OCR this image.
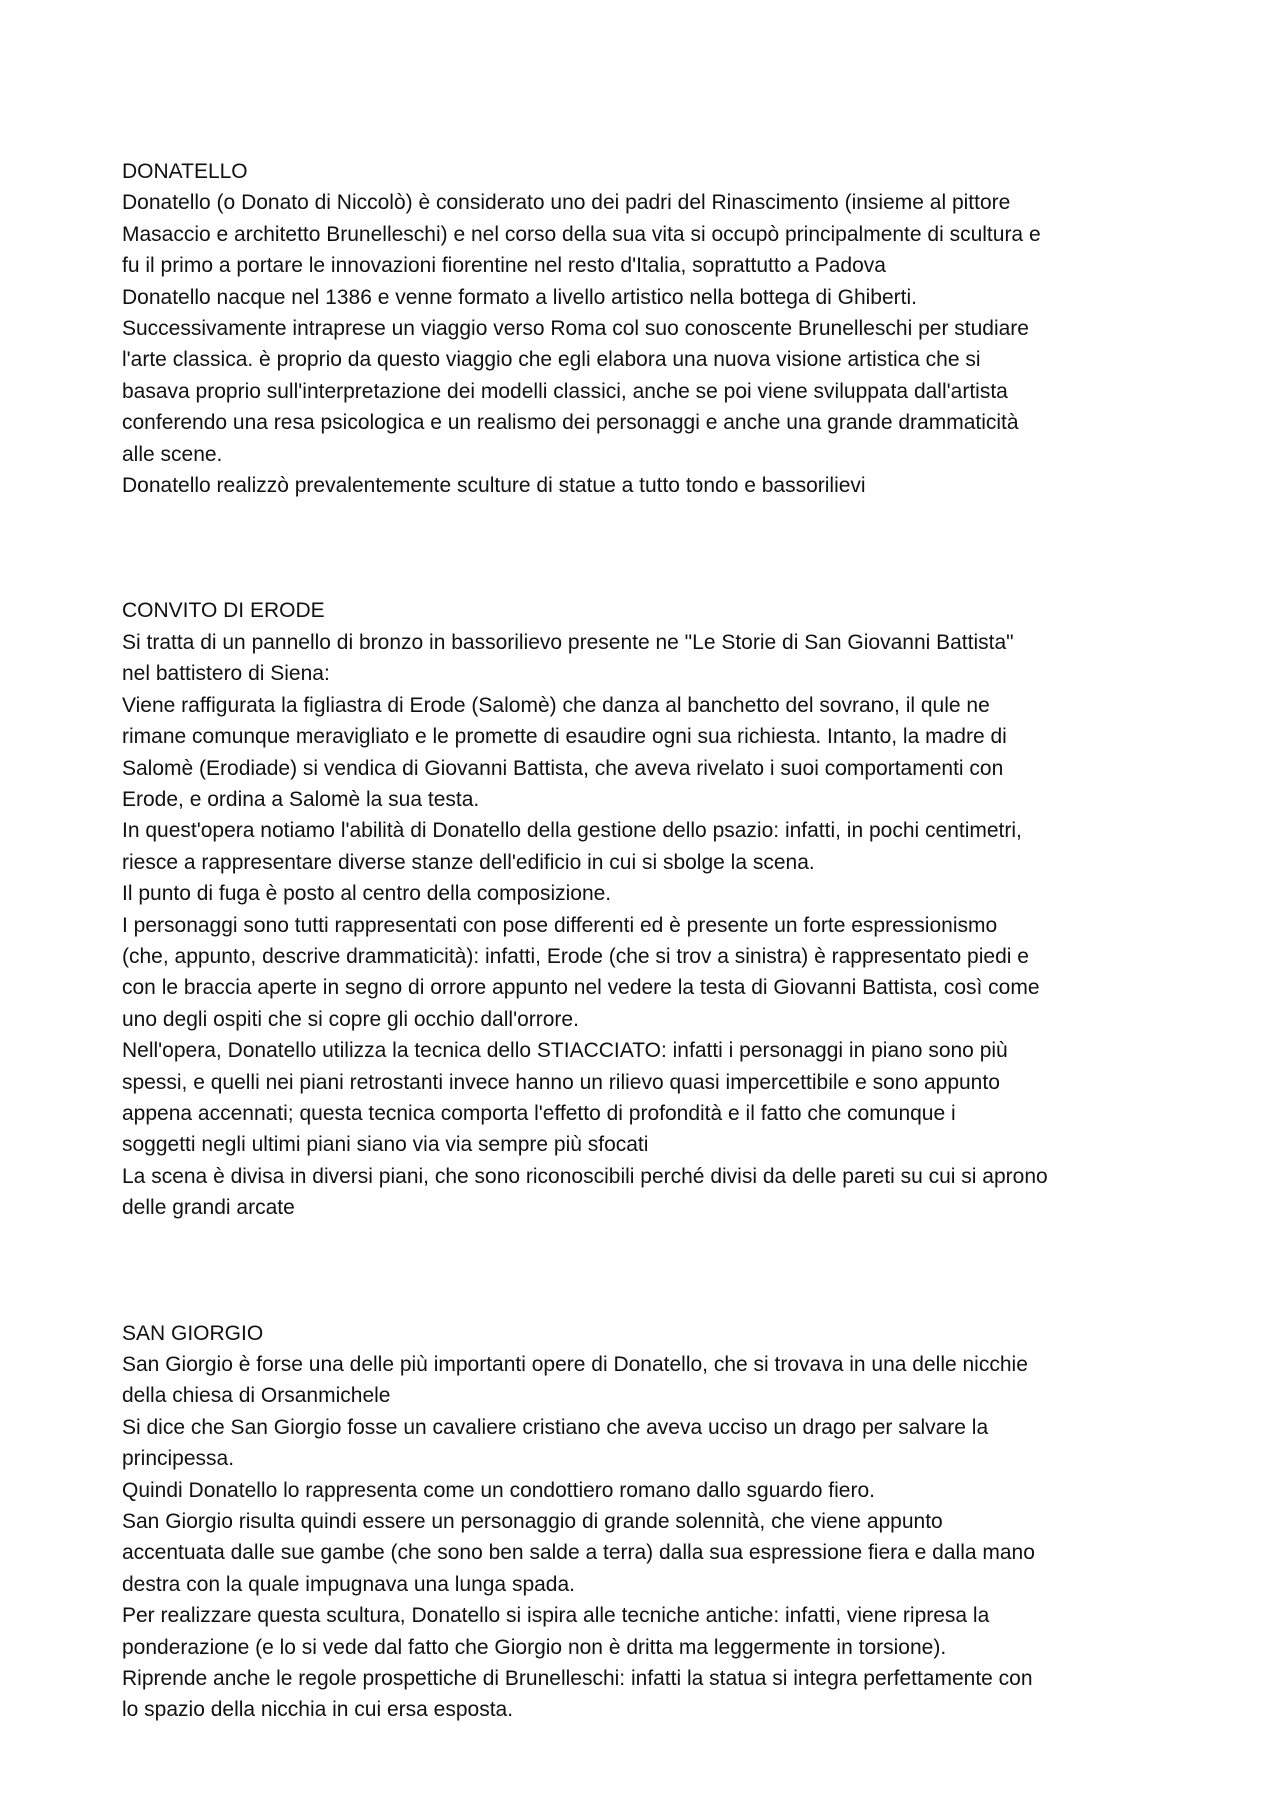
DONATELLO
Donatello (o Donato di Niccolò) è considerato uno dei padri del Rinascimento (insieme al pittore
Masaccio e architetto Brunelleschi) e nel corso della sua vita si occupò principalmente di scultura e
fu il primo a portare le innovazioni fiorentine nel resto d'Italia, soprattutto a Padova
Donatello nacque nel 1386 e venne formato a livello artistico nella bottega di Ghiberti.
Successivamente intraprese un viaggio verso Roma col suo conoscente Brunelleschi per studiare
l'arte classica. è proprio da questo viaggio che egli elabora una nuova visione artistica che si
basava proprio sull'interpretazione dei modelli classici, anche se poi viene sviluppata dall'artista
conferendo una resa psicologica e un realismo dei personaggi e anche una grande drammaticità
alle scene.
Donatello realizzò prevalentemente sculture di statue a tutto tondo e bassorilievi
CONVITO DI ERODE
Si tratta di un pannello di bronzo in bassorilievo presente ne "Le Storie di San Giovanni Battista"
nel battistero di Siena:
Viene raffigurata la figliastra di Erode (Salomè) che danza al banchetto del sovrano, il qule ne
rimane comunque meravigliato e le promette di esaudire ogni sua richiesta. Intanto, la madre di
Salomè (Erodiade) si vendica di Giovanni Battista, che aveva rivelato i suoi comportamenti con
Erode, e ordina a Salomè la sua testa.
In quest'opera notiamo l'abilità di Donatello della gestione dello psazio: infatti, in pochi centimetri,
riesce a rappresentare diverse stanze dell'edificio in cui si sbolge la scena.
Il punto di fuga è posto al centro della composizione.
I personaggi sono tutti rappresentati con pose differenti ed è presente un forte espressionismo
(che, appunto, descrive drammaticità): infatti, Erode (che si trov a sinistra) è rappresentato piedi e
con le braccia aperte in segno di orrore appunto nel vedere la testa di Giovanni Battista, così come
uno degli ospiti che si copre gli occhio dall'orrore.
Nell'opera, Donatello utilizza la tecnica dello STIACCIATO: infatti i personaggi in piano sono più
spessi, e quelli nei piani retrostanti invece hanno un rilievo quasi impercettibile e sono appunto
appena accennati; questa tecnica comporta l'effetto di profondità e il fatto che comunque i
soggetti negli ultimi piani siano via via sempre più sfocati
La scena è divisa in diversi piani, che sono riconoscibili perché divisi da delle pareti su cui si aprono
delle grandi arcate
SAN GIORGIO
San Giorgio è forse una delle più importanti opere di Donatello, che si trovava in una delle nicchie
della chiesa di Orsanmichele
Si dice che San Giorgio fosse un cavaliere cristiano che aveva ucciso un drago per salvare la
principessa.
Quindi Donatello lo rappresenta come un condottiero romano dallo sguardo fiero.
San Giorgio risulta quindi essere un personaggio di grande solennità, che viene appunto
accentuata dalle sue gambe (che sono ben salde a terra) dalla sua espressione fiera e dalla mano
destra con la quale impugnava una lunga spada.
Per realizzare questa scultura, Donatello si ispira alle tecniche antiche: infatti, viene ripresa la
ponderazione (e lo si vede dal fatto che Giorgio non è dritta ma leggermente in torsione).
Riprende anche le regole prospettiche di Brunelleschi: infatti la statua si integra perfettamente con
lo spazio della nicchia in cui ersa esposta.
